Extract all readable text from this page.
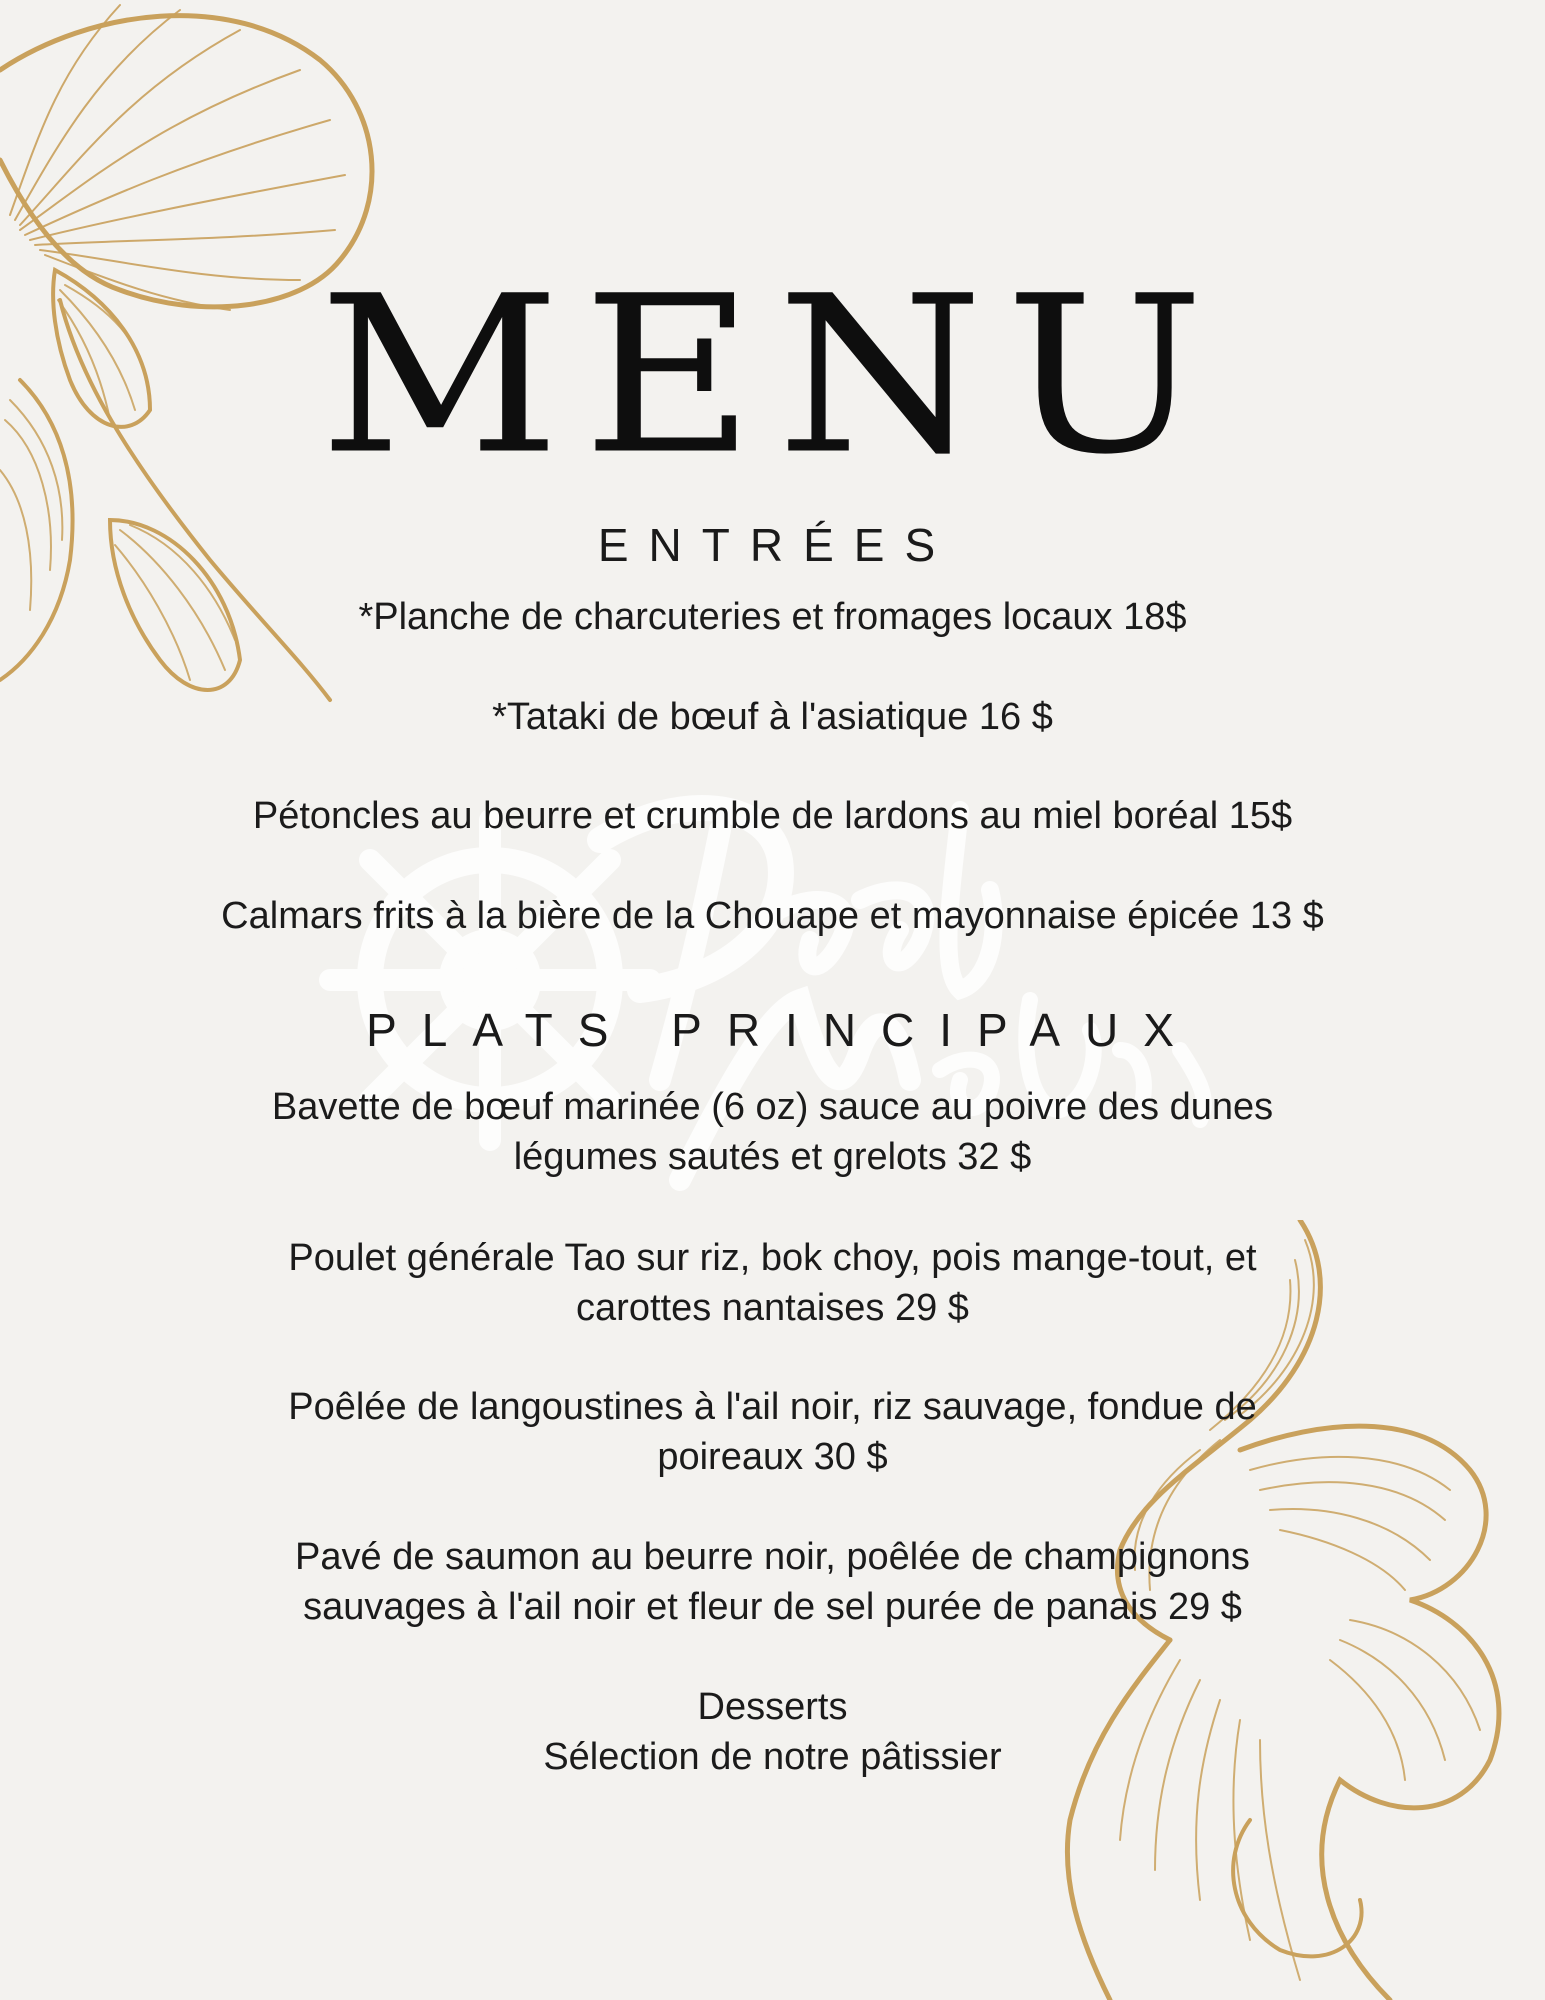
MENU
ENTRÉES
*Planche de charcuteries et fromages locaux 18$
*Tataki de bœuf à l'asiatique 16 $
Pétoncles au beurre et crumble de lardons au miel boréal 15$
Calmars frits à la bière de la Chouape et mayonnaise épicée 13 $
PLATS PRINCIPAUX
Bavette de bœuf marinée (6 oz) sauce au poivre des dunes
légumes sautés et grelots 32 $
Poulet générale Tao sur riz, bok choy, pois mange-tout, et
carottes nantaises 29 $
Poêlée de langoustines à l'ail noir, riz sauvage, fondue de
poireaux 30 $
Pavé de saumon au beurre noir, poêlée de champignons
sauvages à l'ail noir et fleur de sel purée de panais 29 $
Desserts
Sélection de notre pâtissier
